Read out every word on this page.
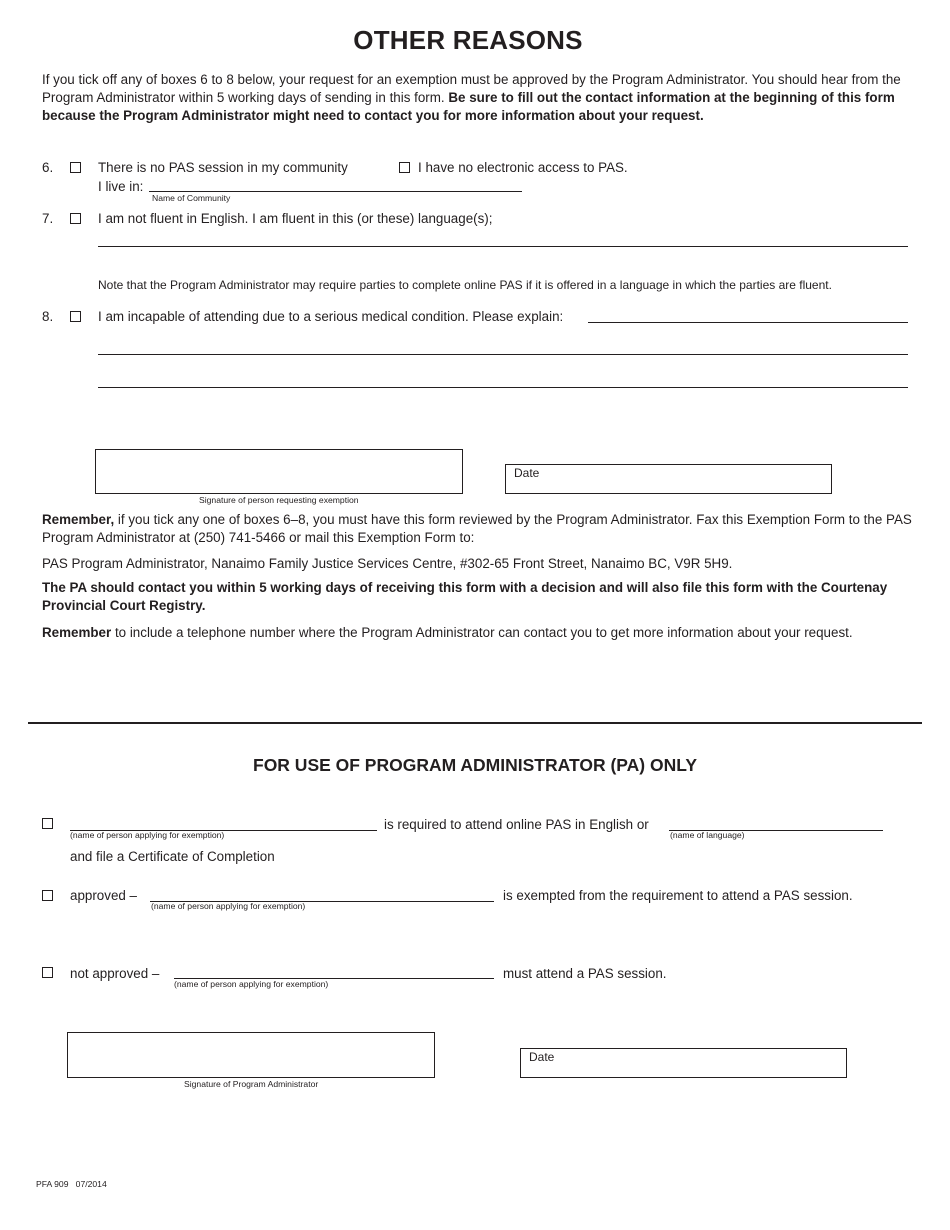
OTHER REASONS
If you tick off any of boxes 6 to 8 below, your request for an exemption must be approved by the Program Administrator. You should hear from the Program Administrator within 5 working days of sending in this form. Be sure to fill out the contact information at the beginning of this form because the Program Administrator might need to contact you for more information about your request.
6.	There is no PAS session in my community	I have no electronic access to PAS.
I live in:
Name of Community
7.	I am not fluent in English. I am fluent in this (or these) language(s);
Note that the Program Administrator may require parties to complete online PAS if it is offered in a language in which the parties are fluent.
8.	I am incapable of attending due to a serious medical condition. Please explain:
Signature of person requesting exemption
Date
Remember, if you tick any one of boxes 6–8, you must have this form reviewed by the Program Administrator. Fax this Exemption Form to the PAS Program Administrator at (250) 741-5466 or mail this Exemption Form to:
PAS Program Administrator, Nanaimo Family Justice Services Centre, #302-65 Front Street, Nanaimo BC, V9R 5H9.
The PA should contact you within 5 working days of receiving this form with a decision and will also file this form with the Courtenay Provincial Court Registry.
Remember to include a telephone number where the Program Administrator can contact you to get more information about your request.
FOR USE OF PROGRAM ADMINISTRATOR (PA) ONLY
(name of person applying for exemption)
is required to attend online PAS in English or
(name of language)
and file a Certificate of Completion
approved –
(name of person applying for exemption)
is exempted from the requirement to attend a PAS session.
not approved –
(name of person applying for exemption)
must attend a PAS session.
Signature of Program Administrator
Date
PFA 909 07/2014
